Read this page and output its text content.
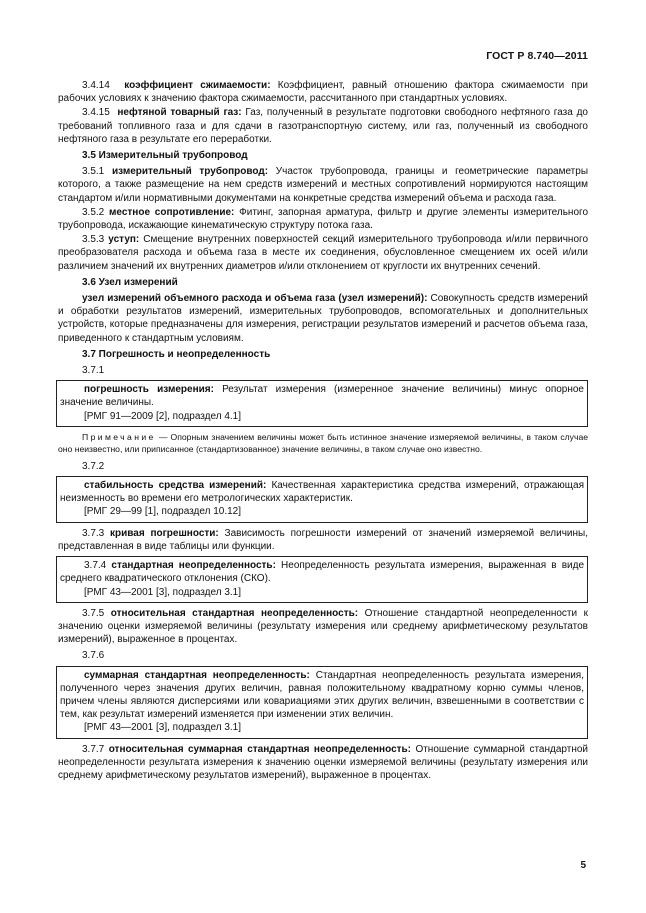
ГОСТ Р 8.740—2011

3.4.14 коэффициент сжимаемости: Коэффициент, равный отношению фактора сжимаемости при рабочих условиях к значению фактора сжимаемости, рассчитанного при стандартных условиях.

3.4.15 нефтяной товарный газ: Газ, полученный в результате подготовки свободного нефтяного газа до требований топливного газа и для сдачи в газотранспортную систему, или газ, полученный из свободного нефтяного газа в результате его переработки.

3.5 Измерительный трубопровод

3.5.1 измерительный трубопровод: Участок трубопровода, границы и геометрические параметры которого, а также размещение на нем средств измерений и местных сопротивлений нормируются настоящим стандартом и/или нормативными документами на конкретные средства измерений объема и расхода газа.

3.5.2 местное сопротивление: Фитинг, запорная арматура, фильтр и другие элементы измерительного трубопровода, искажающие кинематическую структуру потока газа.

3.5.3 уступ: Смещение внутренних поверхностей секций измерительного трубопровода и/или первичного преобразователя расхода и объема газа в месте их соединения, обусловленное смещением их осей и/или различием значений их внутренних диаметров и/или отклонением от круглости их внутренних сечений.

3.6 Узел измерений

узел измерений объемного расхода и объема газа (узел измерений): Совокупность средств измерений и обработки результатов измерений, измерительных трубопроводов, вспомогательных и дополнительных устройств, которые предназначены для измерения, регистрации результатов измерений и расчетов объема газа, приведенного к стандартным условиям.

3.7 Погрешность и неопределенность

3.7.1

погрешность измерения: Результат измерения (измеренное значение величины) минус опорное значение величины.

[РМГ 91—2009 [2], подраздел 4.1]

Примечание — Опорным значением величины может быть истинное значение измеряемой величины, в таком случае оно неизвестно, или приписанное (стандартизованное) значение величины, в таком случае оно известно.

3.7.2

стабильность средства измерений: Качественная характеристика средства измерений, отражающая неизменность во времени его метрологических характеристик.

[РМГ 29—99 [1], подраздел 10.12]

3.7.3 кривая погрешности: Зависимость погрешности измерений от значений измеряемой величины, представленная в виде таблицы или функции.

3.7.4 стандартная неопределенность: Неопределенность результата измерения, выраженная в виде среднего квадратического отклонения (СКО).

[РМГ 43—2001 [3], подраздел 3.1]

3.7.5 относительная стандартная неопределенность: Отношение стандартной неопределенности к значению оценки измеряемой величины (результату измерения или среднему арифметическому результатов измерений), выраженное в процентах.

3.7.6

суммарная стандартная неопределенность: Стандартная неопределенность результата измерения, полученного через значения других величин, равная положительному квадратному корню суммы членов, причем члены являются дисперсиями или ковариациями этих других величин, взвешенными в соответствии с тем, как результат измерений изменяется при изменении этих величин.

[РМГ 43—2001 [3], подраздел 3.1]

3.7.7 относительная суммарная стандартная неопределенность: Отношение суммарной стандартной неопределенности результата измерения к значению оценки измеряемой величины (результату измерения или среднему арифметическому результатов измерений), выраженное в процентах.

5
